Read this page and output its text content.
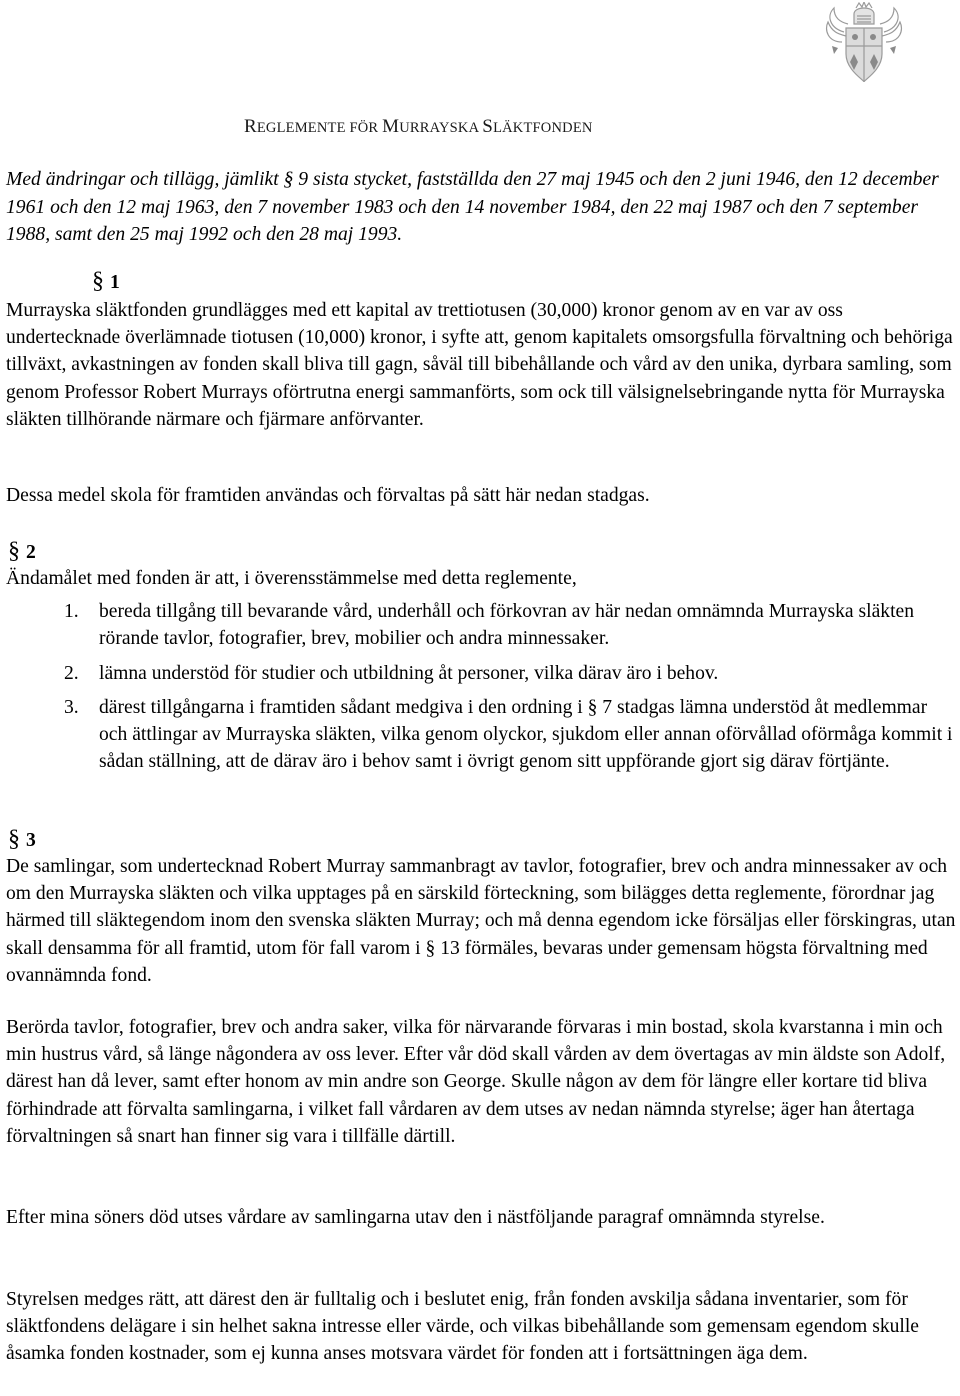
REGLEMENTE FÖR MURRAYSKA SLÄKTFONDEN

Med ändringar och tillägg, jämlikt § 9 sista stycket, fastställda den 27 maj 1945 och den 2 juni 1946, den 12 december 1961 och den 12 maj 1963, den 7 november 1983 och den 14 november 1984, den 22 maj 1987 och den 7 september 1988, samt den 25 maj 1992 och den 28 maj 1993.

§ 1

Murrayska släktfonden grundlägges med ett kapital av trettiotusen (30,000) kronor genom av en var av oss undertecknade överlämnade tiotusen (10,000) kronor, i syfte att, genom kapitalets omsorgsfulla förvaltning och behöriga tillväxt, avkastningen av fonden skall bliva till gagn, såväl till bibehållande och vård av den unika, dyrbara samling, som genom Professor Robert Murrays oförtrutna energi sammanförts, som ock till välsignelsebringande nytta för Murrayska släkten tillhörande närmare och fjärmare anförvanter.

Dessa medel skola för framtiden användas och förvaltas på sätt här nedan stadgas.

§ 2

Ändamålet med fonden är att, i överensstämmelse med detta reglemente,

1.	bereda tillgång till bevarande vård, underhåll och förkovran av här nedan omnämnda Murrayska släkten rörande tavlor, fotografier, brev, mobilier och andra minnessaker.
2.	lämna understöd för studier och utbildning åt personer, vilka därav äro i behov.
3.	därest tillgångarna i framtiden sådant medgiva i den ordning i § 7 stadgas lämna understöd åt medlemmar och ättlingar av Murrayska släkten, vilka genom olyckor, sjukdom eller annan oförvållad oförmåga kommit i sådan ställning, att de därav äro i behov samt i övrigt genom sitt uppförande gjort sig därav förtjänte.
§ 3

De samlingar, som undertecknad Robert Murray sammanbragt av tavlor, fotografier, brev och andra minnessaker av och om den Murrayska släkten och vilka upptages på en särskild förteckning, som bilägges detta reglemente, förordnar jag härmed till släktegendom inom den svenska släkten Murray; och må denna egendom icke försäljas eller förskingras, utan skall densamma för all framtid, utom för fall varom i § 13 förmäles, bevaras under gemensam högsta förvaltning med ovannämnda fond.

Berörda tavlor, fotografier, brev och andra saker, vilka för närvarande förvaras i min bostad, skola kvarstanna i min och min hustrus vård, så länge någondera av oss lever. Efter vår död skall vården av dem övertagas av min äldste son Adolf, därest han då lever, samt efter honom av min andre son George. Skulle någon av dem för längre eller kortare tid bliva förhindrade att förvalta samlingarna, i vilket fall vårdaren av dem utses av nedan nämnda styrelse; äger han återtaga förvaltningen så snart han finner sig vara i tillfälle därtill.

Efter mina söners död utses vårdare av samlingarna utav den i nästföljande paragraf omnämnda styrelse.

Styrelsen medges rätt, att därest den är fulltalig och i beslutet enig, från fonden avskilja sådana inventarier, som för släktfondens delägare i sin helhet sakna intresse eller värde, och vilkas bibehållande som gemensam egendom skulle åsamka fonden kostnader, som ej kunna anses motsvara värdet för fonden att i fortsättningen äga dem.
